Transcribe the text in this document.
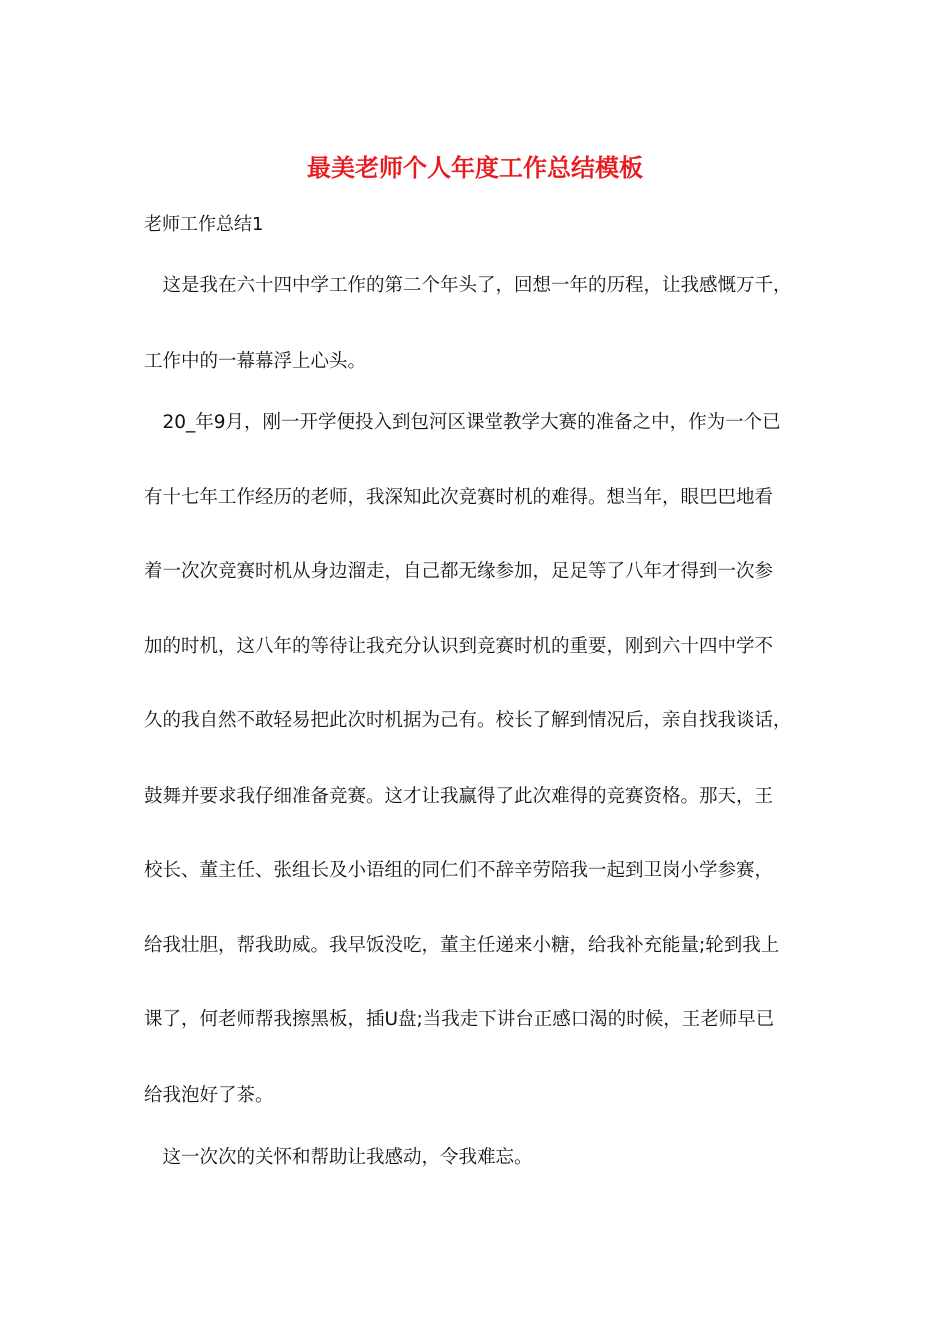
最美老师个人年度工作总结模板

老师工作总结1

　这是我在六十四中学工作的第二个年头了，回想一年的历程，让我感慨万千，

工作中的一幕幕浮上心头。

　20_年9月，刚一开学便投入到包河区课堂教学大赛的准备之中，作为一个已

有十七年工作经历的老师，我深知此次竞赛时机的难得。想当年，眼巴巴地看

着一次次竞赛时机从身边溜走，自己都无缘参加，足足等了八年才得到一次参

加的时机，这八年的等待让我充分认识到竞赛时机的重要，刚到六十四中学不

久的我自然不敢轻易把此次时机据为己有。校长了解到情况后，亲自找我谈话，

鼓舞并要求我仔细准备竞赛。这才让我赢得了此次难得的竞赛资格。那天，王

校长、董主任、张组长及小语组的同仁们不辞辛劳陪我一起到卫岗小学参赛，

给我壮胆，帮我助威。我早饭没吃，董主任递来小糖，给我补充能量;轮到我上

课了，何老师帮我擦黑板，插U盘;当我走下讲台正感口渴的时候，王老师早已

给我泡好了茶。

　这一次次的关怀和帮助让我感动，令我难忘。
